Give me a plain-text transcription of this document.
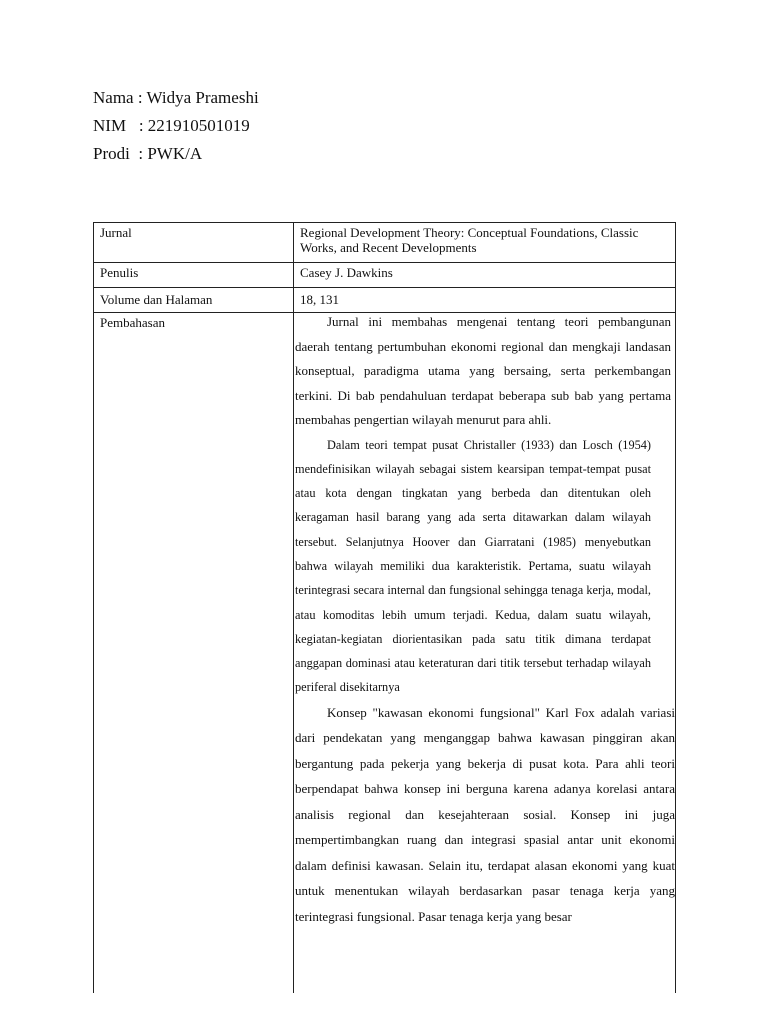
Nama : Widya Prameshi
NIM : 221910501019
Prodi : PWK/A
Jurnal	Regional Development Theory: Conceptual Foundations, Classic Works, and Recent Developments
Penulis	Casey J. Dawkins
Volume dan Halaman	18, 131
Pembahasan	Jurnal ini membahas mengenai tentang teori pembangunan daerah tentang pertumbuhan ekonomi regional dan mengkaji landasan konseptual, paradigma utama yang bersaing, serta perkembangan terkini. Di bab pendahuluan terdapat beberapa sub bab yang pertama membahas pengertian wilayah menurut para ahli.

Dalam teori tempat pusat Christaller (1933) dan Losch (1954) mendefinisikan wilayah sebagai sistem kearsipan tempat-tempat pusat atau kota dengan tingkatan yang berbeda dan ditentukan oleh keragaman hasil barang yang ada serta ditawarkan dalam wilayah tersebut. Selanjutnya Hoover dan Giarratani (1985) menyebutkan bahwa wilayah memiliki dua karakteristik. Pertama, suatu wilayah terintegrasi secara internal dan fungsional sehingga tenaga kerja, modal, atau komoditas lebih umum terjadi. Kedua, dalam suatu wilayah, kegiatan-kegiatan diorientasikan pada satu titik dimana terdapat anggapan dominasi atau keteraturan dari titik tersebut terhadap wilayah periferal disekitarnya

Konsep "kawasan ekonomi fungsional" Karl Fox adalah variasi dari pendekatan yang menganggap bahwa kawasan pinggiran akan bergantung pada pekerja yang bekerja di pusat kota. Para ahli teori berpendapat bahwa konsep ini berguna karena adanya korelasi antara analisis regional dan kesejahteraan sosial. Konsep ini juga mempertimbangkan ruang dan integrasi spasial antar unit ekonomi dalam definisi kawasan. Selain itu, terdapat alasan ekonomi yang kuat untuk menentukan wilayah berdasarkan pasar tenaga kerja yang terintegrasi fungsional. Pasar tenaga kerja yang besar
